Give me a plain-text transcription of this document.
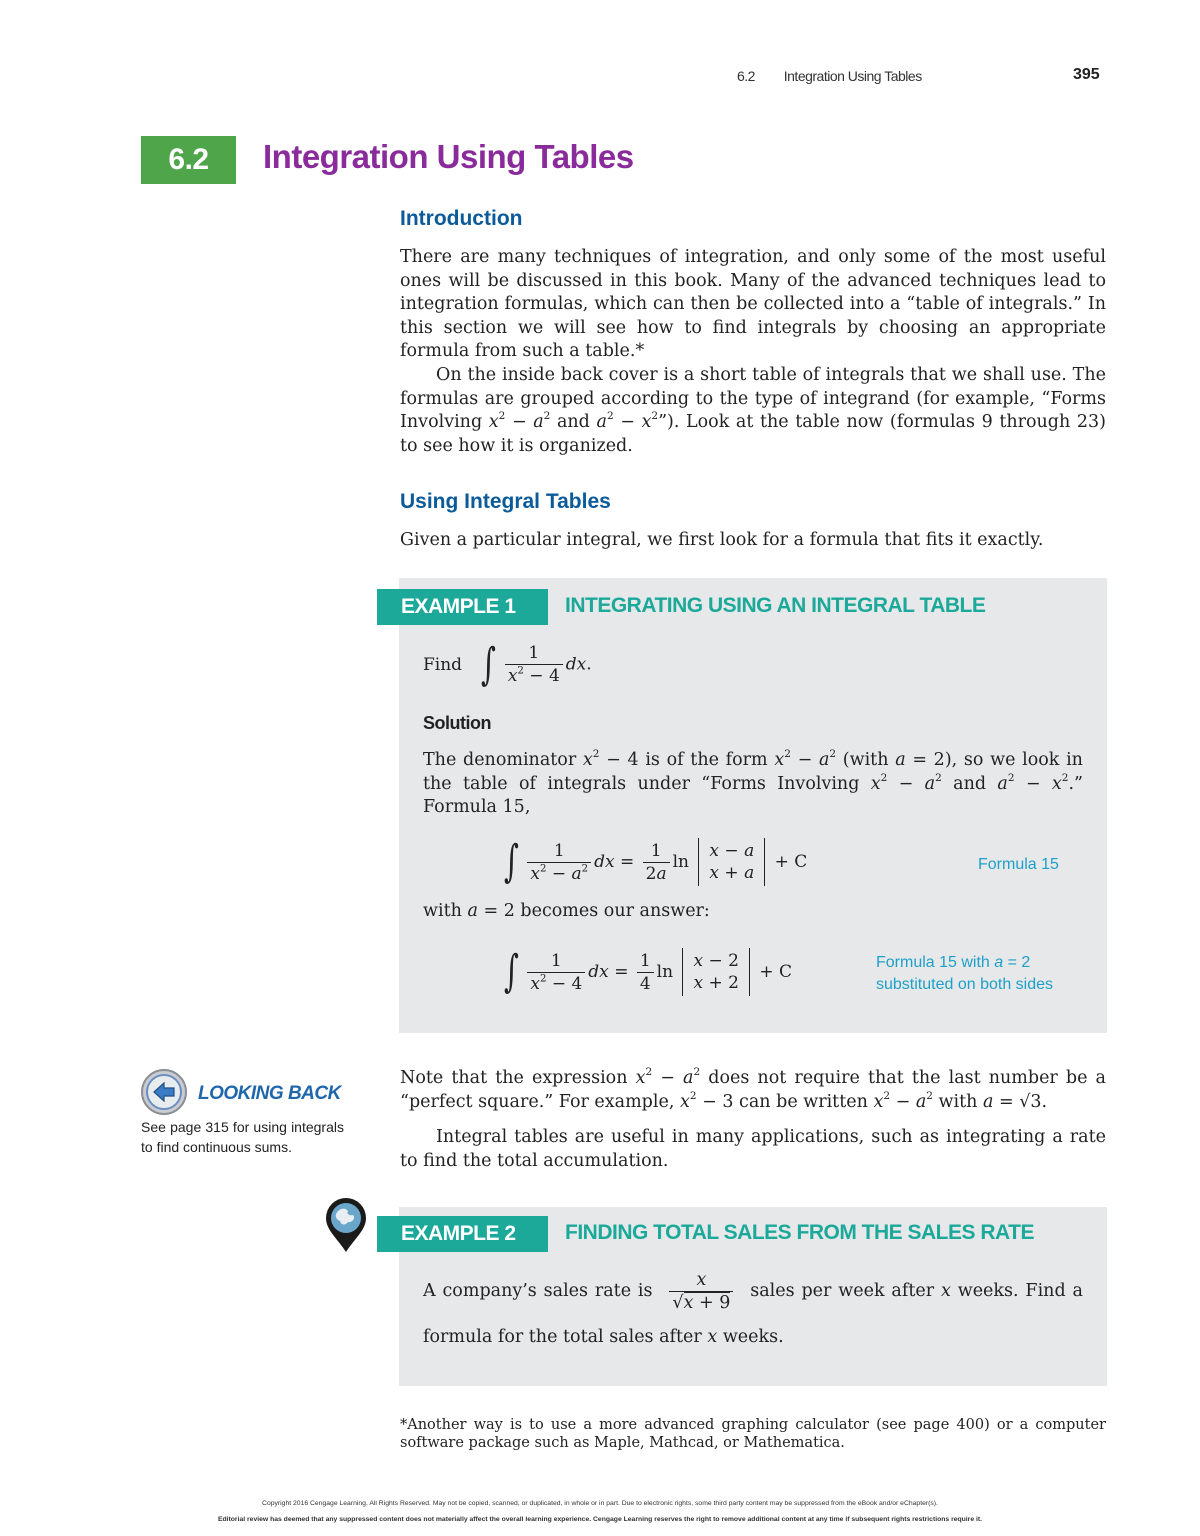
6.2 Integration Using Tables	395
6.2	Integration Using Tables
Introduction
There are many techniques of integration, and only some of the most useful ones will be discussed in this book. Many of the advanced techniques lead to integration formulas, which can then be collected into a “table of integrals.” In this section we will see how to find integrals by choosing an appropriate formula from such a table.*
On the inside back cover is a short table of integrals that we shall use. The formulas are grouped according to the type of integrand (for example, “Forms Involving $x^2 - a^2$ and $a^2$ − $x^2$”). Look at the table now (formulas 9 through 23) to see how it is organized.
Using Integral Tables
Given a particular integral, we first look for a formula that fits it exactly.
EXAMPLE 1	INTEGRATING USING AN INTEGRAL TABLE
Find ∫ $\frac{1}{x^2 - 4}$ dx.
Solution
The denominator $x^2 - 4$ is of the form $x^2 - a^2$ (with a = 2), so we look in the table of integrals under “Forms Involving $x^2 - a^2$ and $a^2 - x^2$.” Formula 15,
∫ $\frac{1}{x^2 - a^2}$ dx = $\frac{1}{2a}$ ln
x − a
x + a
+ C	Formula 15
with a = 2 becomes our answer:
∫ $\frac{1}{x^2 - 4}$ dx = $\frac{1}{4}$ ln
x − 2
x + 2
+ C	Formula 15 with a = 2
substituted on both sides
LOOKING BACK
See page 315 for using integrals to find continuous sums.
Note that the expression $x^2 - a^2$ does not require that the last number be a “perfect square.” For example, $x^2 - 3$ can be written $x^2 - a^2$ with a = √3.
Integral tables are useful in many applications, such as integrating a rate to find the total accumulation.
EXAMPLE 2	FINDING TOTAL SALES FROM THE SALES RATE
A company’s sales rate is $\frac{x}{√x + 9}$ sales per week after x weeks. Find a formula for the total sales after x weeks.
*Another way is to use a more advanced graphing calculator (see page 400) or a computer software package such as Maple, Mathcad, or Mathematica.
Copyright 2016 Cengage Learning. All Rights Reserved. May not be copied, scanned, or duplicated, in whole or in part. Due to electronic rights, some third party content may be suppressed from the eBook and/or eChapter(s).
Editorial review has deemed that any suppressed content does not materially affect the overall learning experience. Cengage Learning reserves the right to remove additional content at any time if subsequent rights restrictions require it.
